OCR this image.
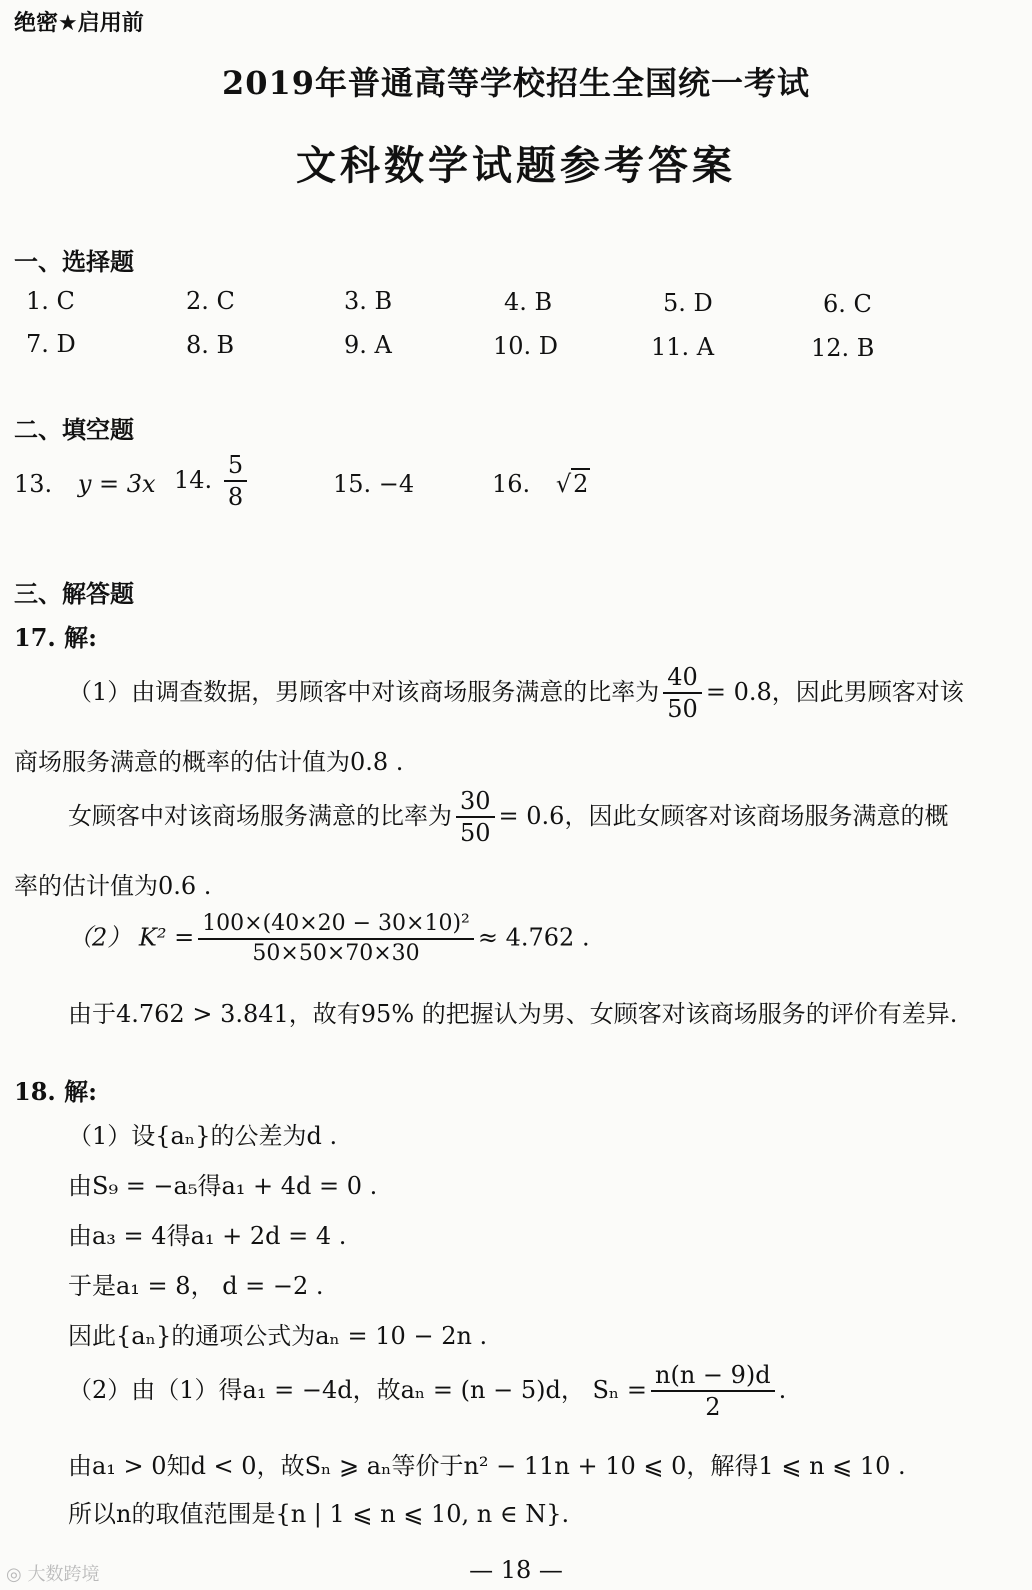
绝密★启用前
2019年普通高等学校招生全国统一考试
文科数学试题参考答案
一、选择题
1. C	2. C	3. B	4. B	5. D	6. C
7. D	8. B	9. A	10. D	11. A	12. B
二、填空题
13. y = 3x 14. $\frac{5}{8}$	15. −4	16. √2
三、解答题
17. 解:
（1）由调查数据，男顾客中对该商场服务满意的比率为 $\frac{40}{50} = 0.8$，因此男顾客对该
商场服务满意的概率的估计值为0.8 .
女顾客中对该商场服务满意的比率为 $\frac{30}{50} = 0.6$，因此女顾客对该商场服务满意的概
率的估计值为0.6 .
（2） $K^2 = \frac{\text{100×(40×20 − 30×10)²}}{50\times 50\times 70\times 30} \approx 4.762$ .
由于4.762 > 3.841，故有95% 的把握认为男、女顾客对该商场服务的评价有差异.
18. 解:
（1）设{aₙ}的公差为d .
由S₉ = −a₅得a₁ + 4d = 0 .
由a₃ = 4得a₁ + 2d = 4 .
于是a₁ = 8， d = −2 .
因此{aₙ}的通项公式为aₙ = 10 − 2n .
（2）由（1）得a₁ = −4d，故aₙ = (n − 5)d， $S_n = \frac{n(n - 9)d}{2}$ .
由a₁ > 0知d < 0，故Sₙ ⩾ aₙ等价于n² − 11n + 10 ⩽ 0，解得1 ⩽ n ⩽ 10 .
所以n的取值范围是{n | 1 ⩽ n ⩽ 10, n ∈ N}.
◎ 大数跨境	— 18 —
